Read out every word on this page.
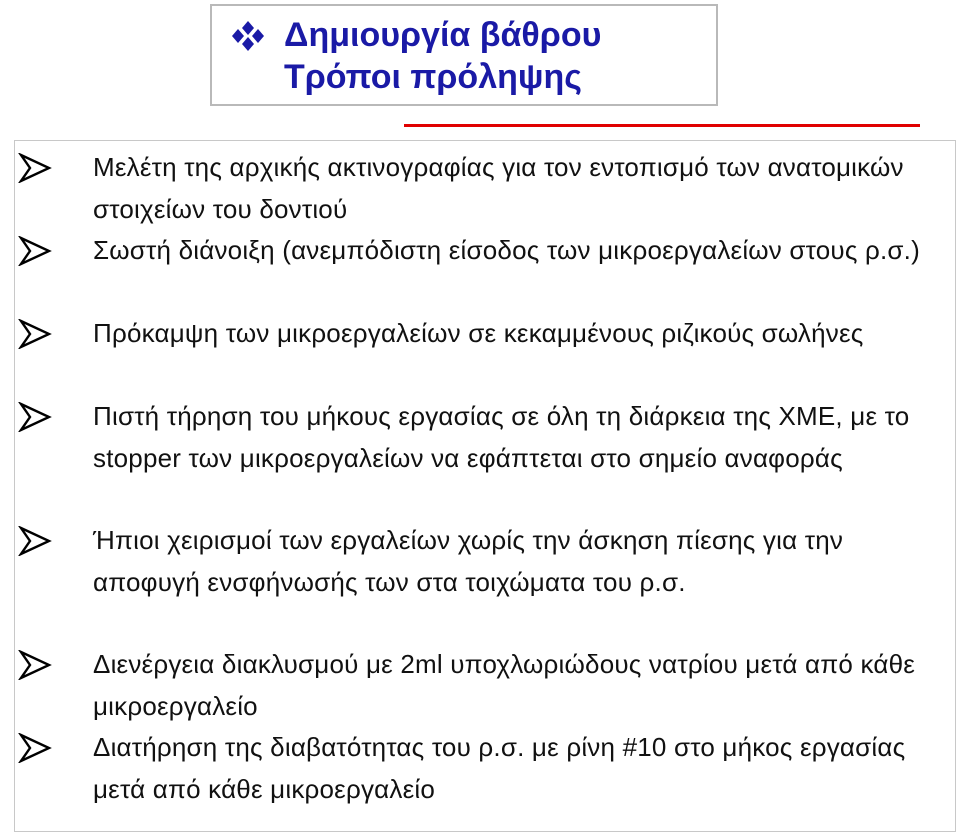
Δημιουργία βάθρου
Τρόποι πρόληψης
Μελέτη της αρχικής ακτινογραφίας για τον εντοπισμό των ανατομικών στοιχείων του δοντιού
Σωστή διάνοιξη (ανεμπόδιστη είσοδος των μικροεργαλείων στους ρ.σ.)
Πρόκαμψη των μικροεργαλείων σε κεκαμμένους ριζικούς σωλήνες
Πιστή τήρηση του μήκους εργασίας σε όλη τη διάρκεια της ΧΜΕ, με το stopper των μικροεργαλείων να εφάπτεται στο σημείο αναφοράς
Ήπιοι χειρισμοί των εργαλείων χωρίς την άσκηση πίεσης για την αποφυγή ενσφήνωσής των στα τοιχώματα του ρ.σ.
Διενέργεια διακλυσμού με 2ml υποχλωριώδους νατρίου μετά από κάθε μικροεργαλείο
Διατήρηση της διαβατότητας του ρ.σ. με ρίνη #10 στο μήκος εργασίας μετά από κάθε μικροεργαλείο
